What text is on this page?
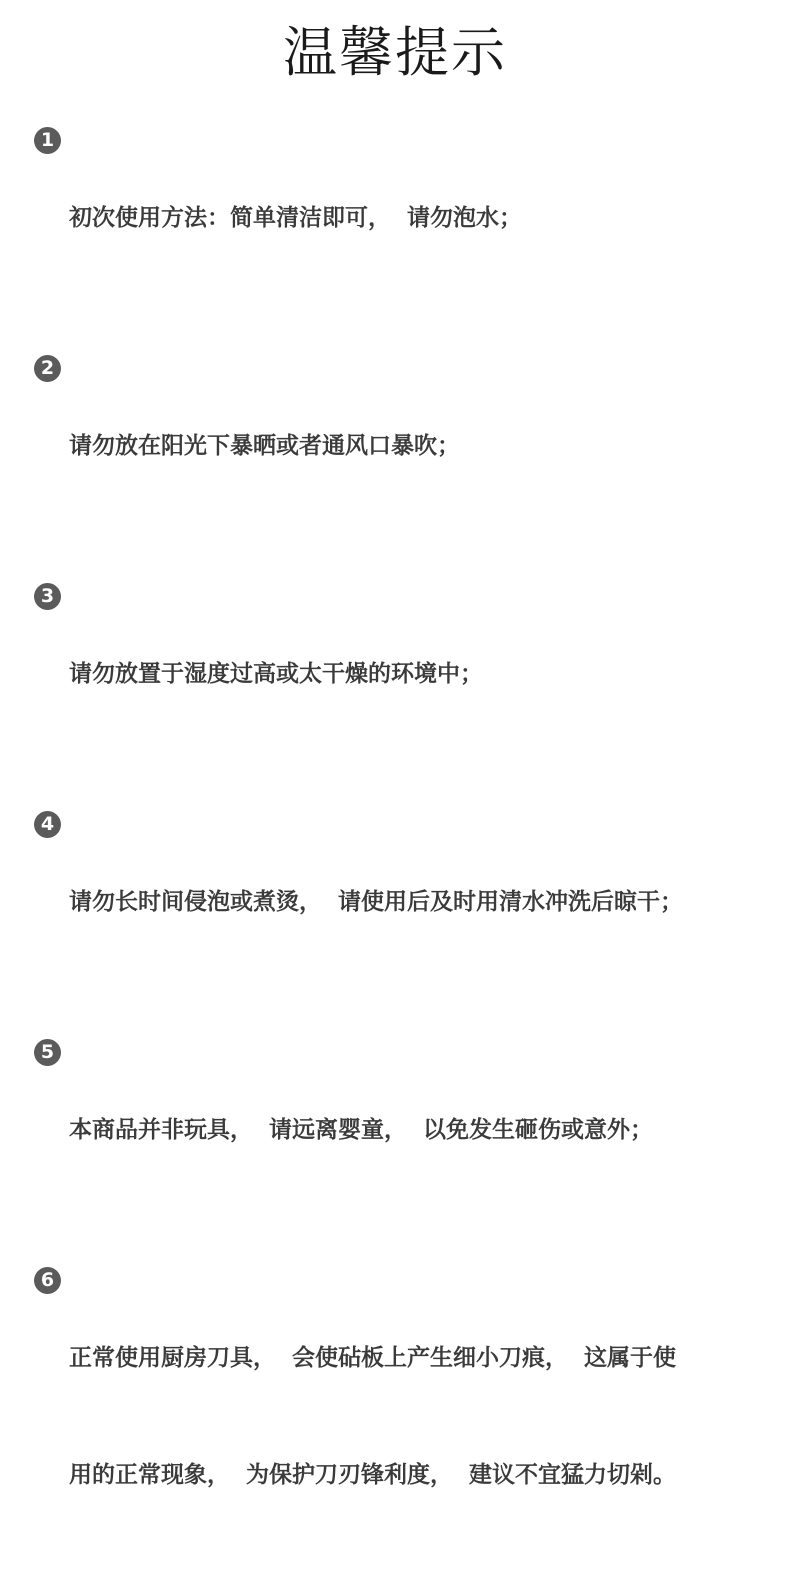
温馨提示
1

初次使用方法：简单清洁即可，  请勿泡水；

2

请勿放在阳光下暴晒或者通风口暴吹；

3

请勿放置于湿度过高或太干燥的环境中；

4

请勿长时间侵泡或煮烫，  请使用后及时用清水冲洗后晾干；

5

本商品并非玩具，  请远离婴童，  以免发生砸伤或意外；

6

正常使用厨房刀具，  会使砧板上产生细小刀痕，  这属于使

用的正常现象，  为保护刀刃锋利度，  建议不宜猛力切剁。
